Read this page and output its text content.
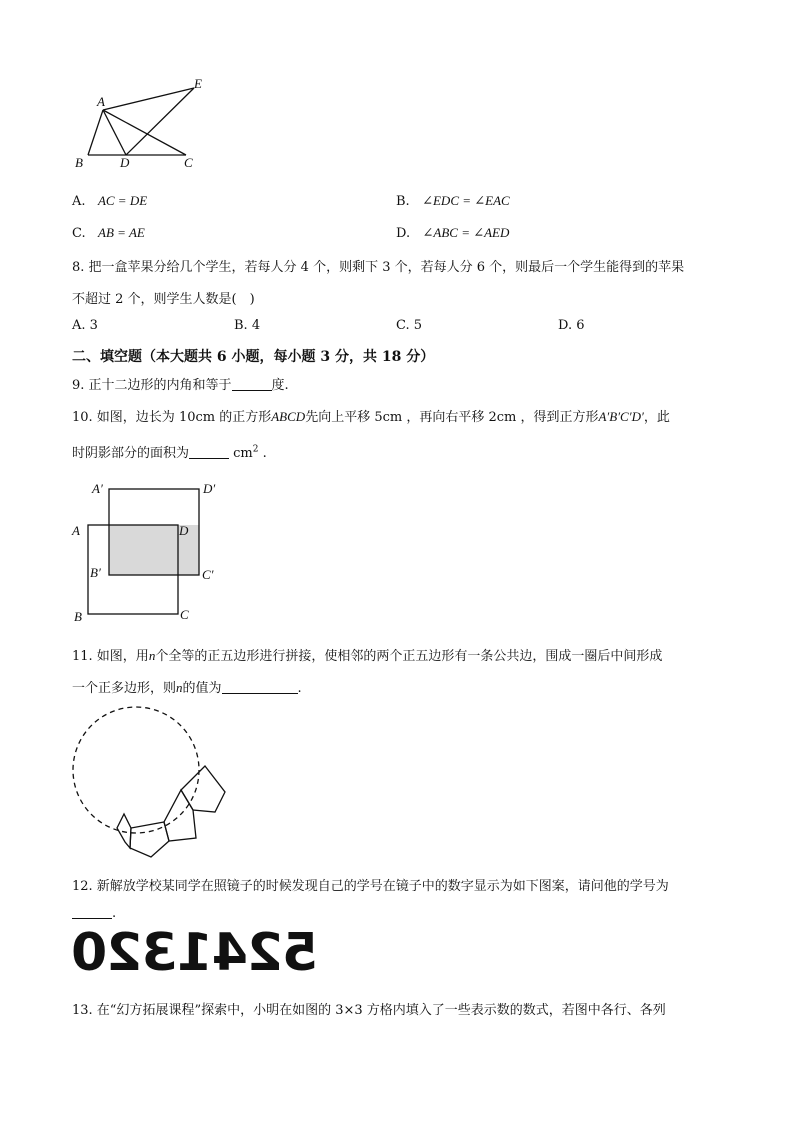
A
E
B	D	C
A. AC = DE	B. ∠EDC = ∠EAC
C. AB = AE	D. ∠ABC = ∠AED
8. 把一盒苹果分给几个学生，若每人分 4 个，则剩下 3 个，若每人分 6 个，则最后一个学生能得到的苹果
不超过 2 个，则学生人数是(　)
A. 3	B. 4	C. 5	D. 6
二、填空题（本大题共 6 小题，每小题 3 分，共 18 分）
9. 正十二边形的内角和等于	度.
10. 如图，边长为 10cm 的正方形ABCD先向上平移 5cm ，再向右平移 2cm ，得到正方形A′B′C′D′，此
时阴影部分的面积为	$cm^2$ .
A′	D′
A	D
B′	C′
B	C
11. 如图，用n个全等的正五边形进行拼接，使相邻的两个正五边形有一条公共边，围成一圈后中间形成
一个正多边形，则n的值为	.
12. 新解放学校某同学在照镜子的时候发现自己的学号在镜子中的数字显示为如下图案，请问他的学号为
.
5241320
13. 在“幻方拓展课程”探索中，小明在如图的 3×3 方格内填入了一些表示数的数式，若图中各行、各列
